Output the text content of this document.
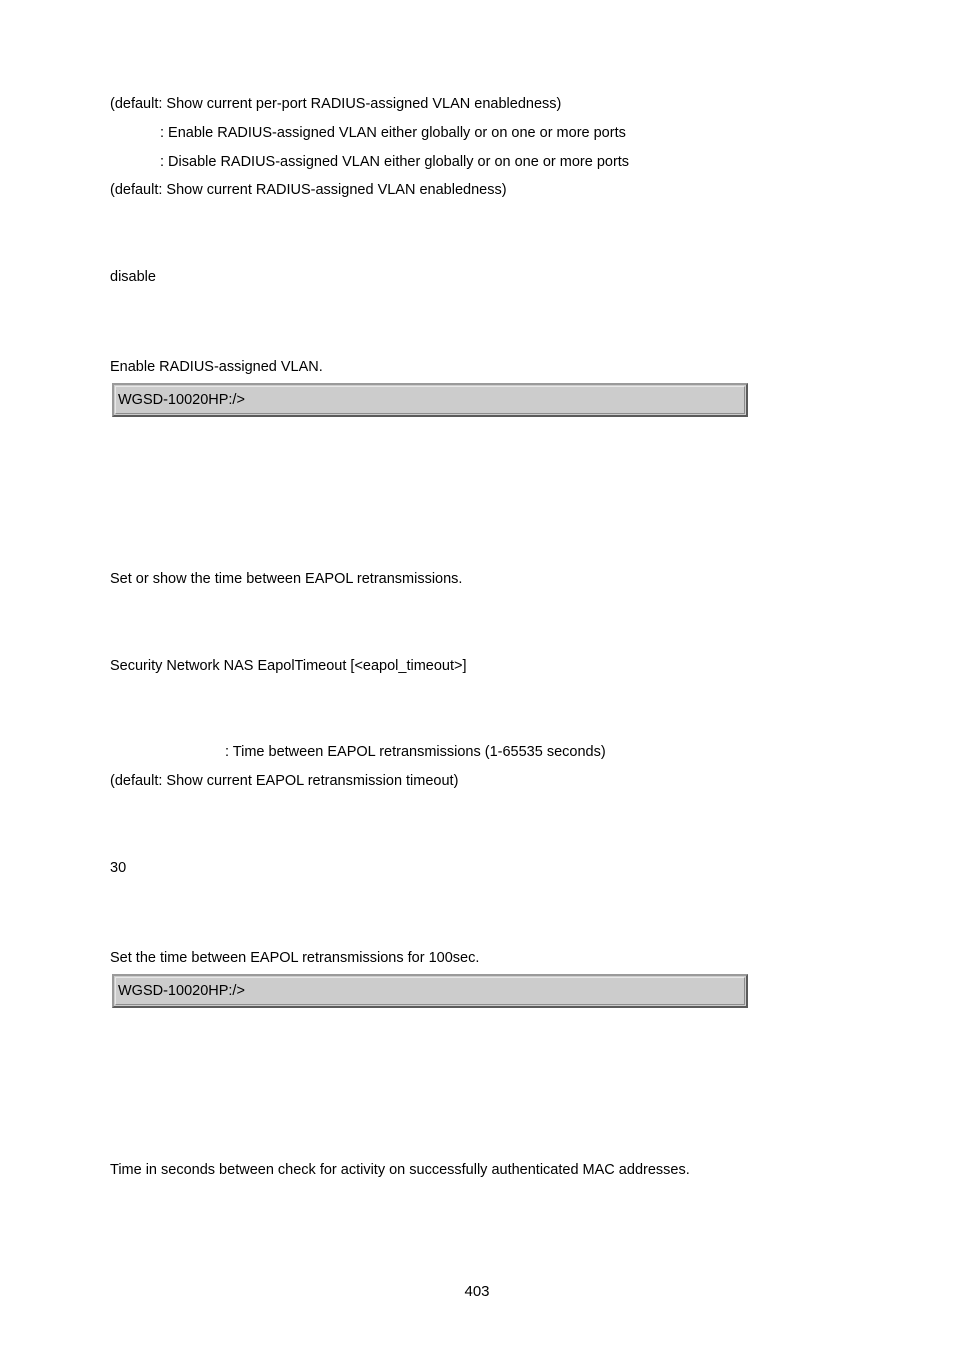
(default: Show current per-port RADIUS-assigned VLAN enabledness)
: Enable RADIUS-assigned VLAN either globally or on one or more ports
: Disable RADIUS-assigned VLAN either globally or on one or more ports
(default: Show current RADIUS-assigned VLAN enabledness)
disable
Enable RADIUS-assigned VLAN.
WGSD-10020HP:/>
Set or show the time between EAPOL retransmissions.
Security Network NAS EapolTimeout [<eapol_timeout>]
: Time between EAPOL retransmissions (1-65535 seconds)
(default: Show current EAPOL retransmission timeout)
30
Set the time between EAPOL retransmissions for 100sec.
WGSD-10020HP:/>
Time in seconds between check for activity on successfully authenticated MAC addresses.
403
